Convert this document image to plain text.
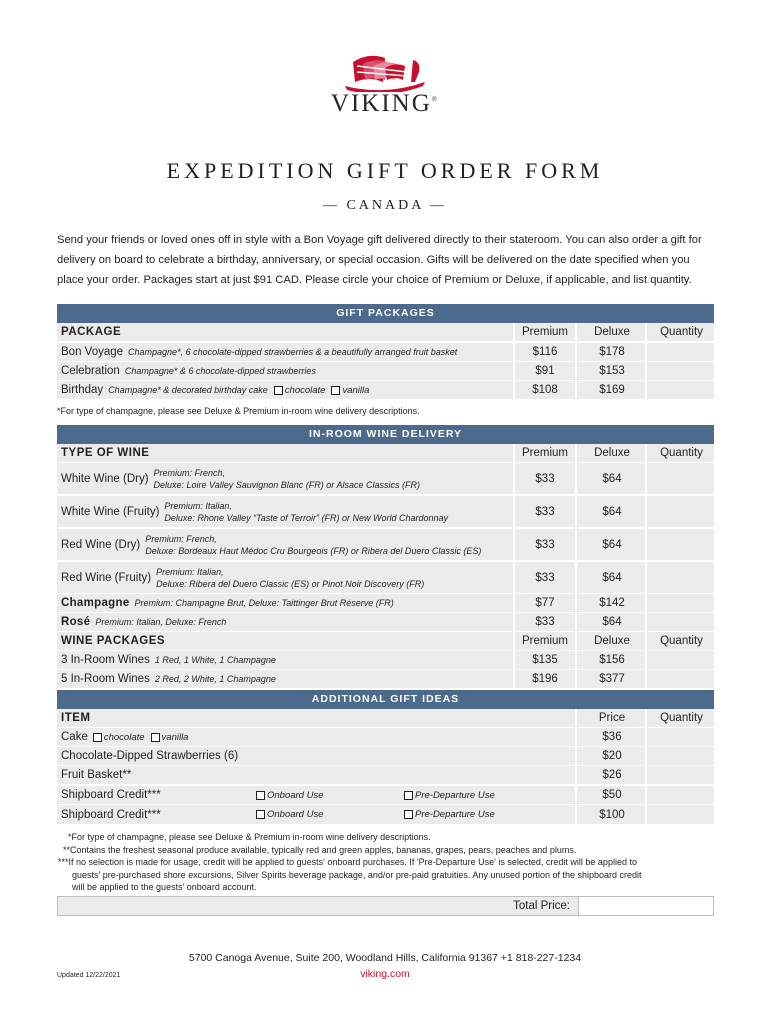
VIKING®
EXPEDITION GIFT ORDER FORM
— CANADA —
Send your friends or loved ones off in style with a Bon Voyage gift delivered directly to their stateroom. You can also order a gift for delivery on board to celebrate a birthday, anniversary, or special occasion. Gifts will be delivered on the date specified when you place your order. Packages start at just $91 CAD. Please circle your choice of Premium or Deluxe, if applicable, and list quantity.
GIFT PACKAGES
PACKAGE	Premium	Deluxe	Quantity
Bon Voyage Champagne*, 6 chocolate-dipped strawberries & a beautifully arranged fruit basket	$116	$178
Celebration Champagne* & 6 chocolate-dipped strawberries	$91	$153
Birthday Champagne* & decorated birthday cake chocolate vanilla	$108	$169
*For type of champagne, please see Deluxe & Premium in-room wine delivery descriptions.
IN-ROOM WINE DELIVERY
TYPE OF WINE	Premium	Deluxe	Quantity
White Wine (Dry) Premium: French,
Deluxe: Loire Valley Sauvignon Blanc (FR) or Alsace Classics (FR)	$33	$64
White Wine (Fruity) Premium: Italian,
Deluxe: Rhone Valley “Taste of Terroir” (FR) or New World Chardonnay	$33	$64
Red Wine (Dry) Premium: French,
Deluxe: Bordeaux Haut Médoc Cru Bourgeois (FR) or Ribera del Duero Classic (ES)	$33	$64
Red Wine (Fruity) Premium: Italian,
Deluxe: Ribera del Duero Classic (ES) or Pinot Noir Discovery (FR)	$33	$64
Champagne Premium: Champagne Brut, Deluxe: Taittinger Brut Réserve (FR)	$77	$142
Rosé Premium: Italian, Deluxe: French	$33	$64
WINE PACKAGES	Premium	Deluxe	Quantity
3 In-Room Wines 1 Red, 1 White, 1 Champagne	$135	$156
5 In-Room Wines 2 Red, 2 White, 1 Champagne	$196	$377
ADDITIONAL GIFT IDEAS
ITEM	Price	Quantity
Cake chocolate vanilla	$36
Chocolate-Dipped Strawberries (6)	$20
Fruit Basket**	$26
Shipboard Credit***	Onboard Use	Pre-Departure Use	$50
Shipboard Credit***	Onboard Use	Pre-Departure Use	$100
*For type of champagne, please see Deluxe & Premium in-room wine delivery descriptions.
**Contains the freshest seasonal produce available, typically red and green apples, bananas, grapes, pears, peaches and plums.
***If no selection is made for usage, credit will be applied to guests' onboard purchases. If 'Pre-Departure Use' is selected, credit will be applied to
guests' pre-purchased shore excursions, Silver Spirits beverage package, and/or pre-paid gratuities. Any unused portion of the shipboard credit
will be applied to the guests' onboard account.
Total Price:
5700 Canoga Avenue, Suite 200, Woodland Hills, California 91367 +1 818-227-1234
viking.com
Updated 12/22/2021
